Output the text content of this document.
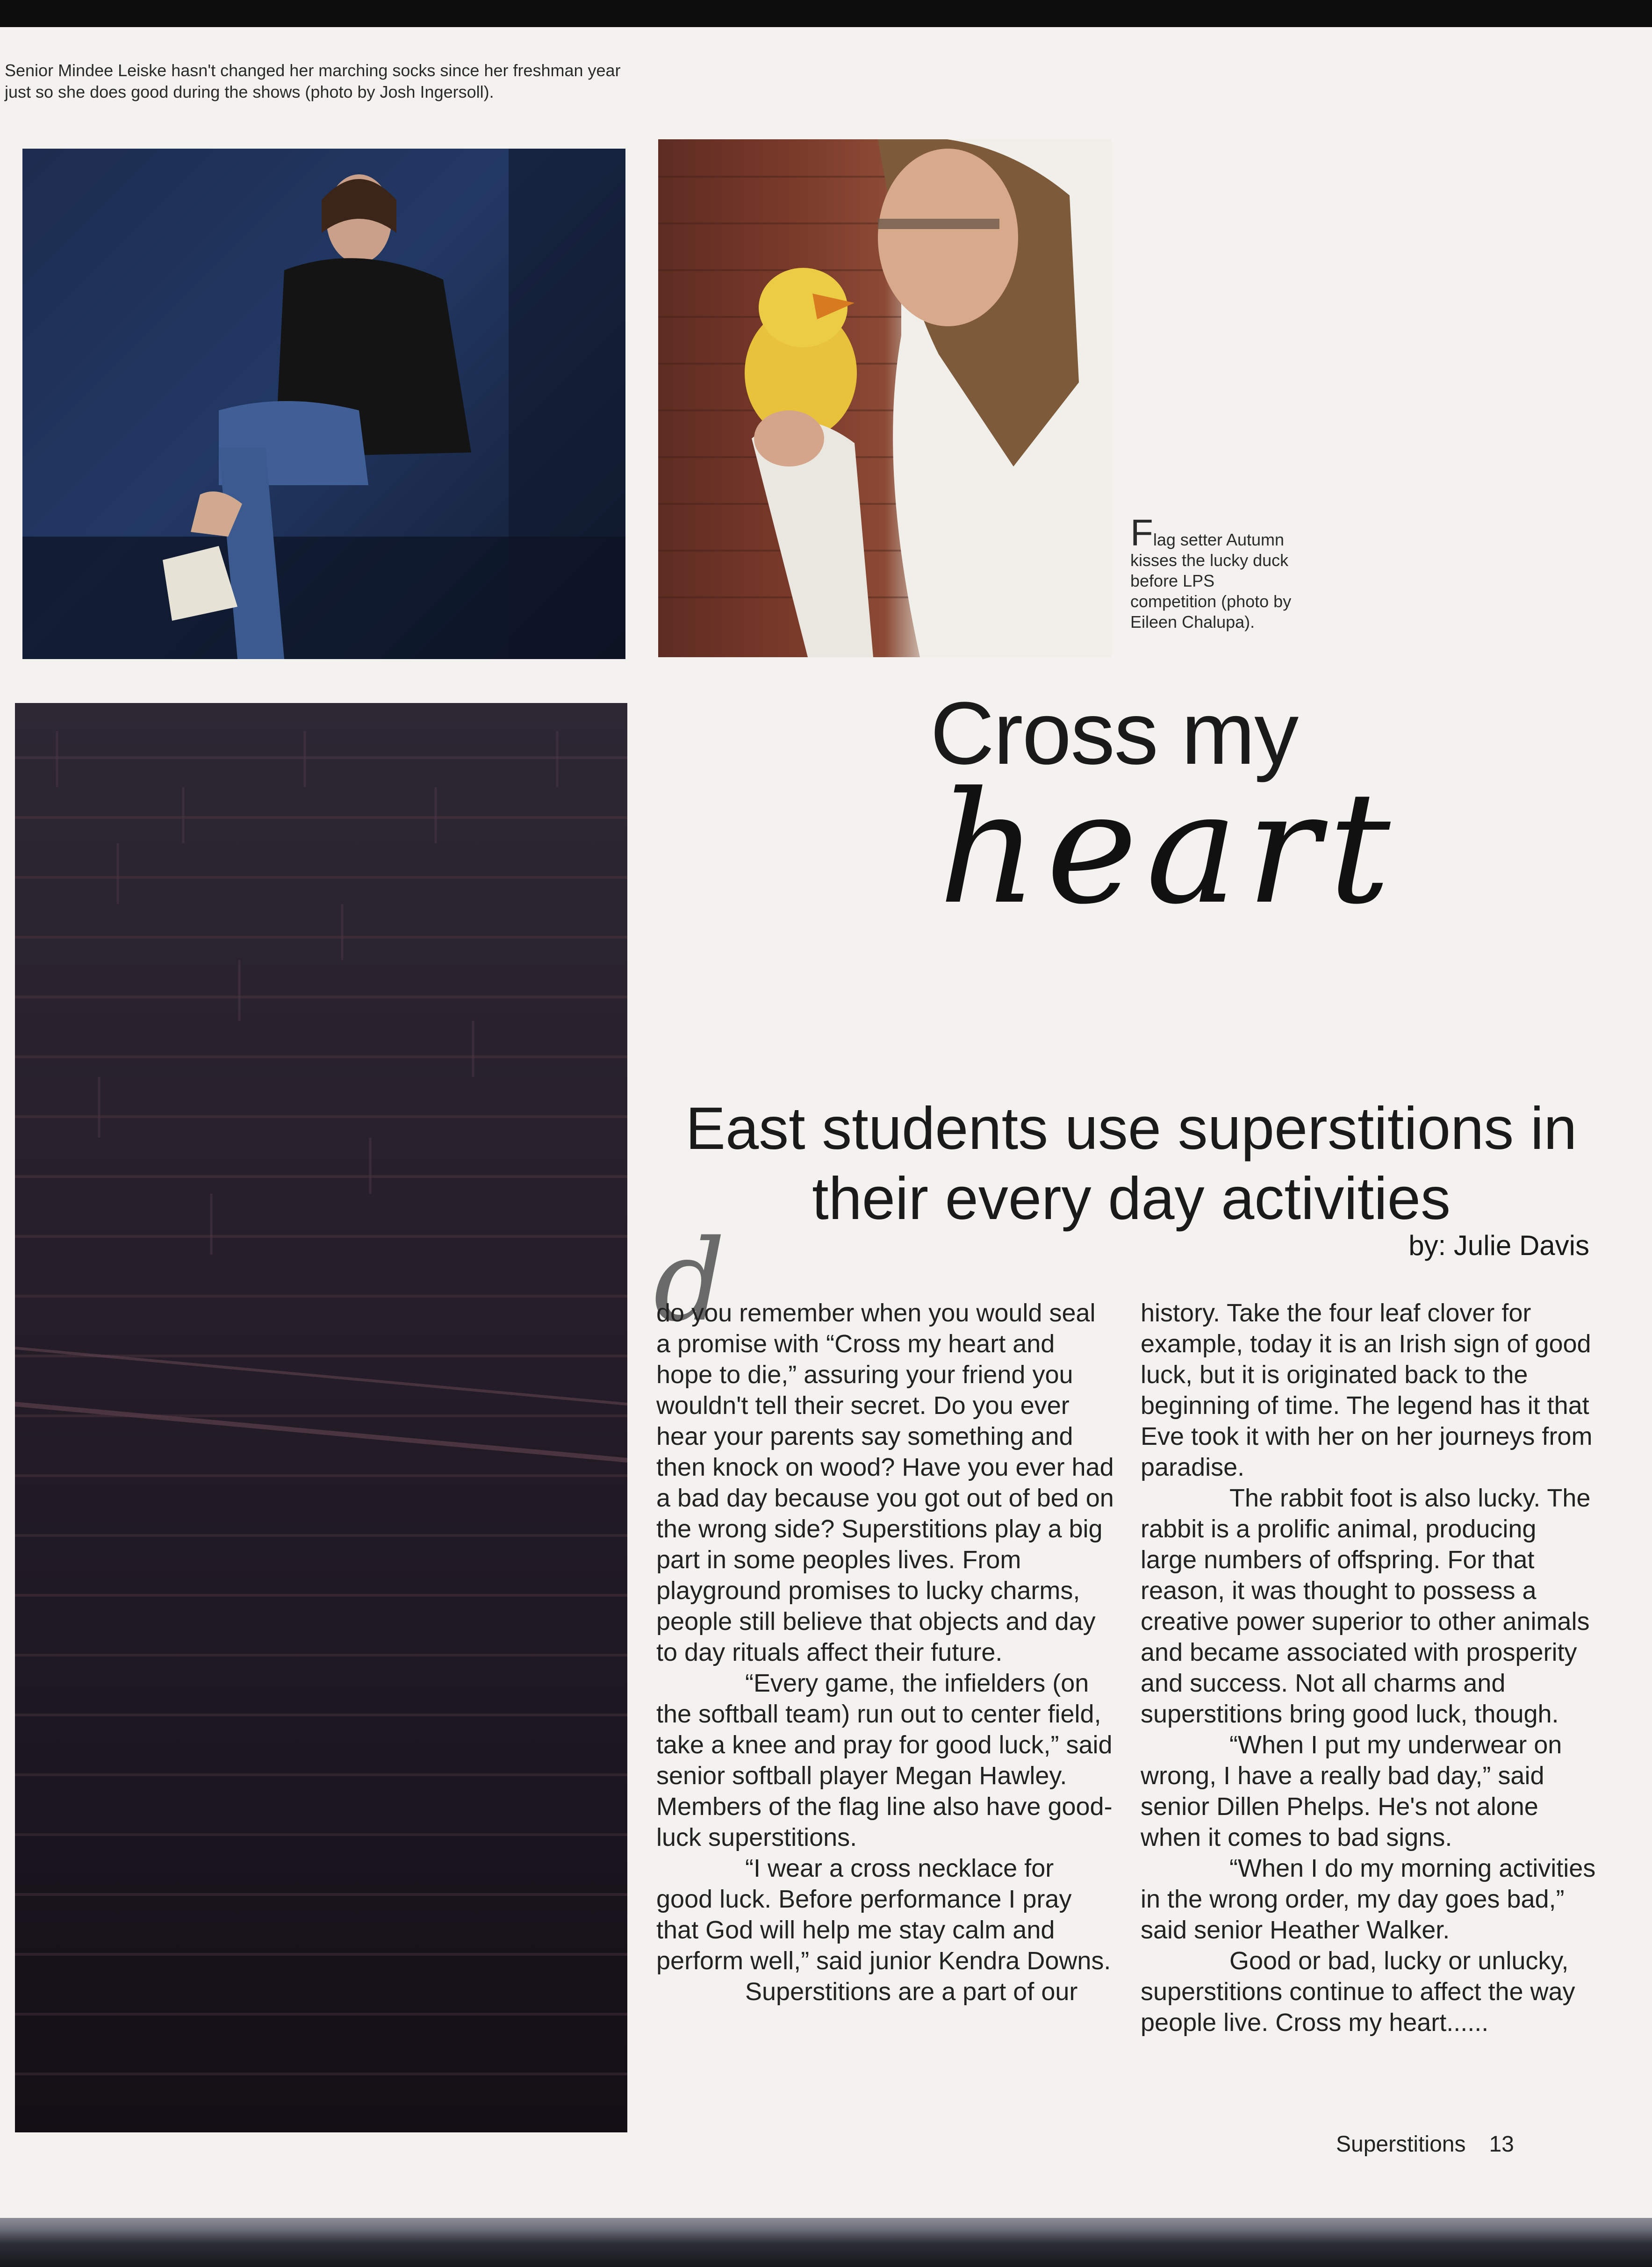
Senior Mindee Leiske hasn't changed her marching socks since her freshman year just so she does good during the shows (photo by Josh Ingersoll).
Flag setter Autumn kisses the lucky duck before LPS competition (photo by Eileen Chalupa).
Cross my
heart
East students use superstitions in their every day activities
by: Julie Davis
d

do you remember when you would seal a promise with “Cross my heart and hope to die,” assuring your friend you wouldn't tell their secret. Do you ever hear your parents say something and then knock on wood? Have you ever had a bad day because you got out of bed on the wrong side? Superstitions play a big part in some peoples lives. From playground promises to lucky charms, people still believe that objects and day to day rituals affect their future.

“Every game, the infielders (on the softball team) run out to center field, take a knee and pray for good luck,” said senior softball player Megan Hawley. Members of the flag line also have good-luck superstitions.

“I wear a cross necklace for good luck. Before performance I pray that God will help me stay calm and perform well,” said junior Kendra Downs.

Superstitions are a part of our

history. Take the four leaf clover for example, today it is an Irish sign of good luck, but it is originated back to the beginning of time. The legend has it that Eve took it with her on her journeys from paradise.

The rabbit foot is also lucky. The rabbit is a prolific animal, producing large numbers of offspring. For that reason, it was thought to possess a creative power superior to other animals and became associated with prosperity and success. Not all charms and superstitions bring good luck, though.

“When I put my underwear on wrong, I have a really bad day,” said senior Dillen Phelps. He's not alone when it comes to bad signs.

“When I do my morning activities in the wrong order, my day goes bad,” said senior Heather Walker.

Good or bad, lucky or unlucky, superstitions continue to affect the way people live. Cross my heart......

Superstitions 13
